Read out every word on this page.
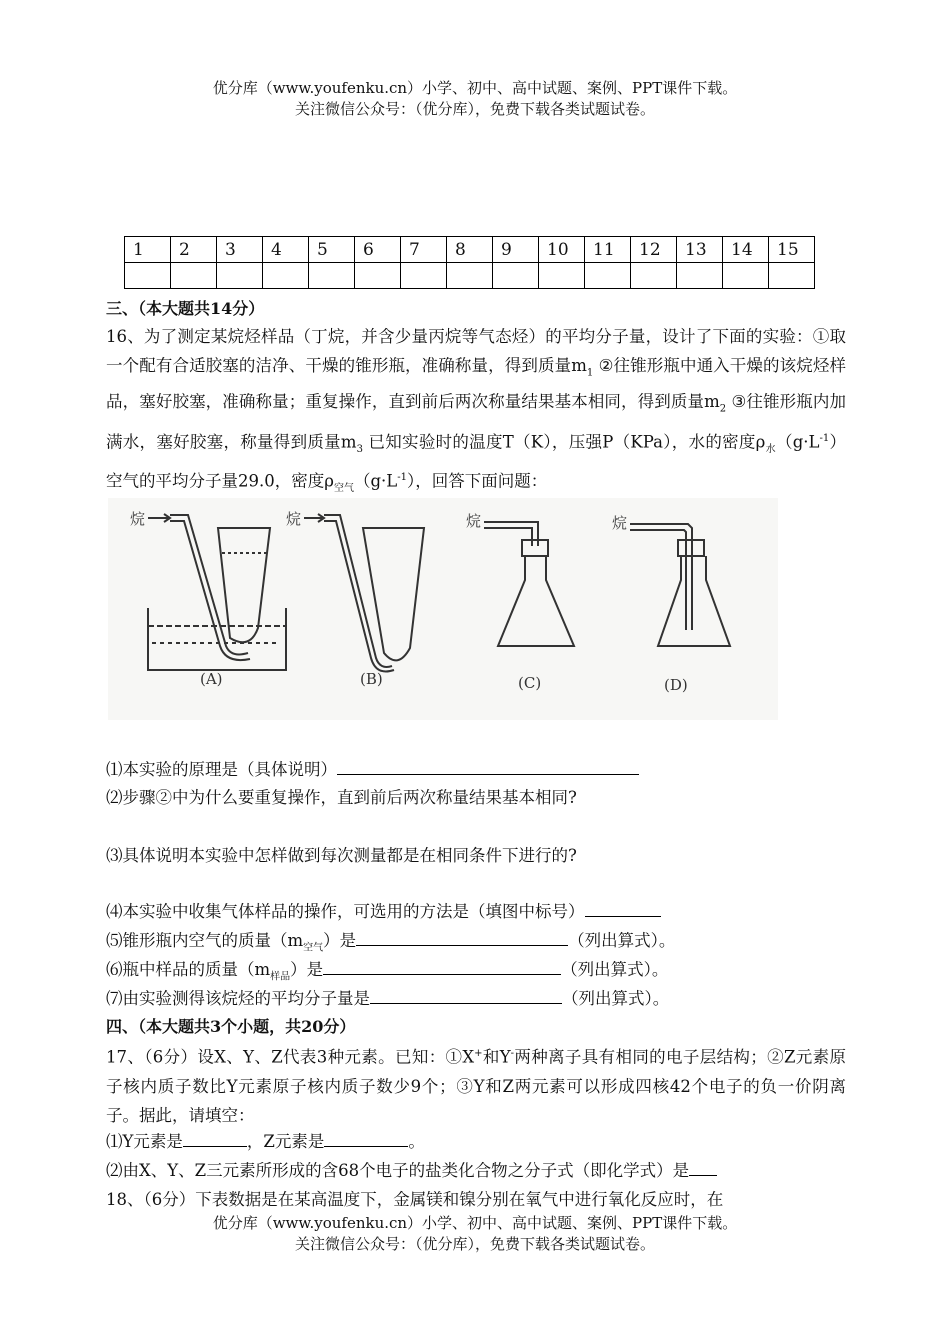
优分库（www.youfenku.cn）小学、初中、高中试题、案例、PPT课件下载。
关注微信公众号：（优分库），免费下载各类试题试卷。
1	2	3	4	5	6	7	8	9	10	11	12	13	14	15

三、（本大题共14分）
16、为了测定某烷烃样品（丁烷，并含少量丙烷等气态烃）的平均分子量，设计了下面的实验：①取一个配有合适胶塞的洁净、干燥的锥形瓶，准确称量，得到质量$m_1$ ②往锥形瓶中通入干燥的该烷烃样品，塞好胶塞，准确称量；重复操作，直到前后两次称量结果基本相同，得到质量$m_2$ ③往锥形瓶内加满水，塞好胶塞，称量得到质量$m_3$ 已知实验时的温度T（K），压强P（KPa），水的密度$\rho_水(g\cdot L^{-1})$空气的平均分子量29.0，密度$\rho_{空气}(g\cdot L^{-1})$，回答下面问题：
烷	烷	烷	烷
(A)	(B)	(C)	(D)
⑴本实验的原理是（具体说明）
⑵步骤②中为什么要重复操作，直到前后两次称量结果基本相同?
⑶具体说明本实验中怎样做到每次测量都是在相同条件下进行的?
⑷本实验中收集气体样品的操作，可选用的方法是（填图中标号）
⑸锥形瓶内空气的质量$(m_{空气})$是	（列出算式）。
⑹瓶中样品的质量$(m_{样品})$是	（列出算式）。
⑺由实验测得该烷烃的平均分子量是	（列出算式）。
四、（本大题共3个小题，共20分）
17、（6分）设X、Y、Z代表3种元素。已知：①X+和Y-两种离子具有相同的电子层结构；②Z元素原子核内质子数比Y元素原子核内质子数少9个；③Y和Z两元素可以形成四核42个电子的负一价阴离子。据此，请填空：
⑴Y元素是	，Z元素是	。
⑵由X、Y、Z三元素所形成的含68个电子的盐类化合物之分子式（即化学式）是
18、（6分）下表数据是在某高温度下，金属镁和镍分别在氧气中进行氧化反应时，在
优分库（www.youfenku.cn）小学、初中、高中试题、案例、PPT课件下载。
关注微信公众号：（优分库），免费下载各类试题试卷。
